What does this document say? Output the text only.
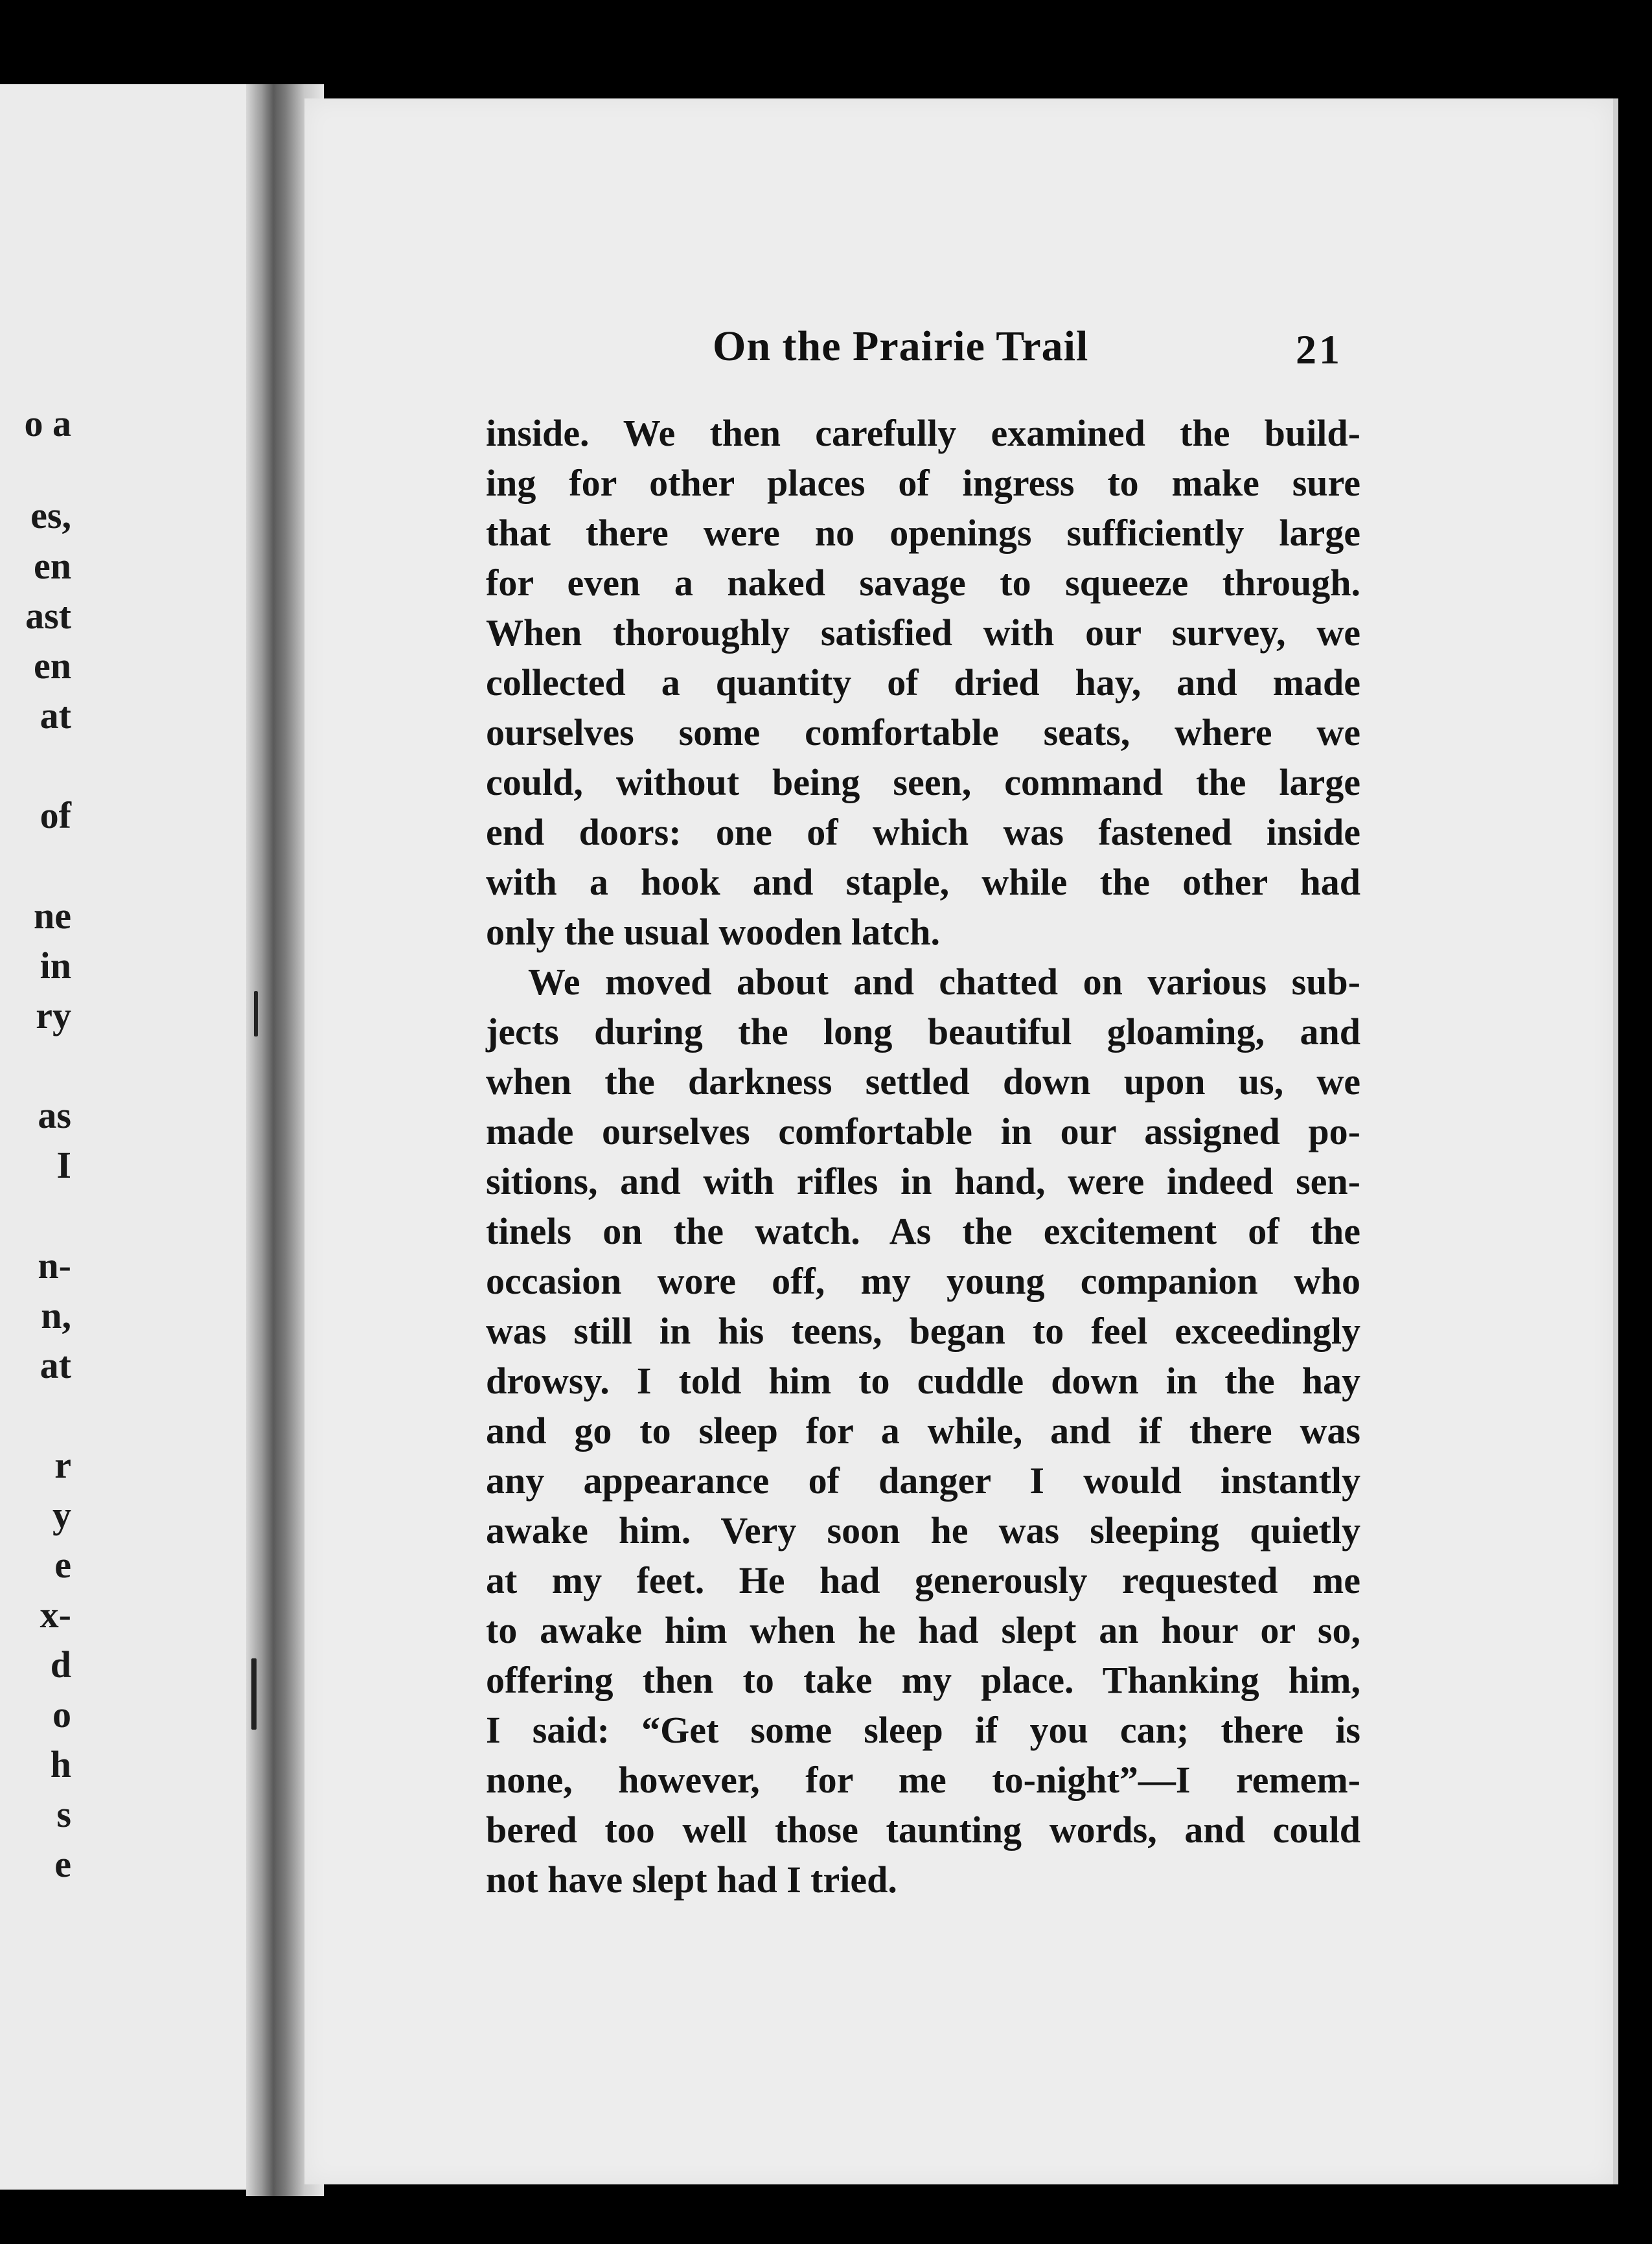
o a
es,
en
ast
en
at
of
ne
in
ry
as
I
n-
n,
at
r
y
e
x-
d
o
h
s
e
On the Prairie Trail	21

inside. We then carefully examined the build-
ing for other places of ingress to make sure
that there were no openings sufficiently large
for even a naked savage to squeeze through.
When thoroughly satisfied with our survey, we
collected a quantity of dried hay, and made
ourselves some comfortable seats, where we
could, without being seen, command the large
end doors: one of which was fastened inside
with a hook and staple, while the other had
only the usual wooden latch.

We moved about and chatted on various sub-
jects during the long beautiful gloaming, and
when the darkness settled down upon us, we
made ourselves comfortable in our assigned po-
sitions, and with rifles in hand, were indeed sen-
tinels on the watch. As the excitement of the
occasion wore off, my young companion who
was still in his teens, began to feel exceedingly
drowsy. I told him to cuddle down in the hay
and go to sleep for a while, and if there was
any appearance of danger I would instantly
awake him. Very soon he was sleeping quietly
at my feet. He had generously requested me
to awake him when he had slept an hour or so,
offering then to take my place. Thanking him,
I said: “Get some sleep if you can; there is
none, however, for me to-night”—I remem-
bered too well those taunting words, and could
not have slept had I tried.
